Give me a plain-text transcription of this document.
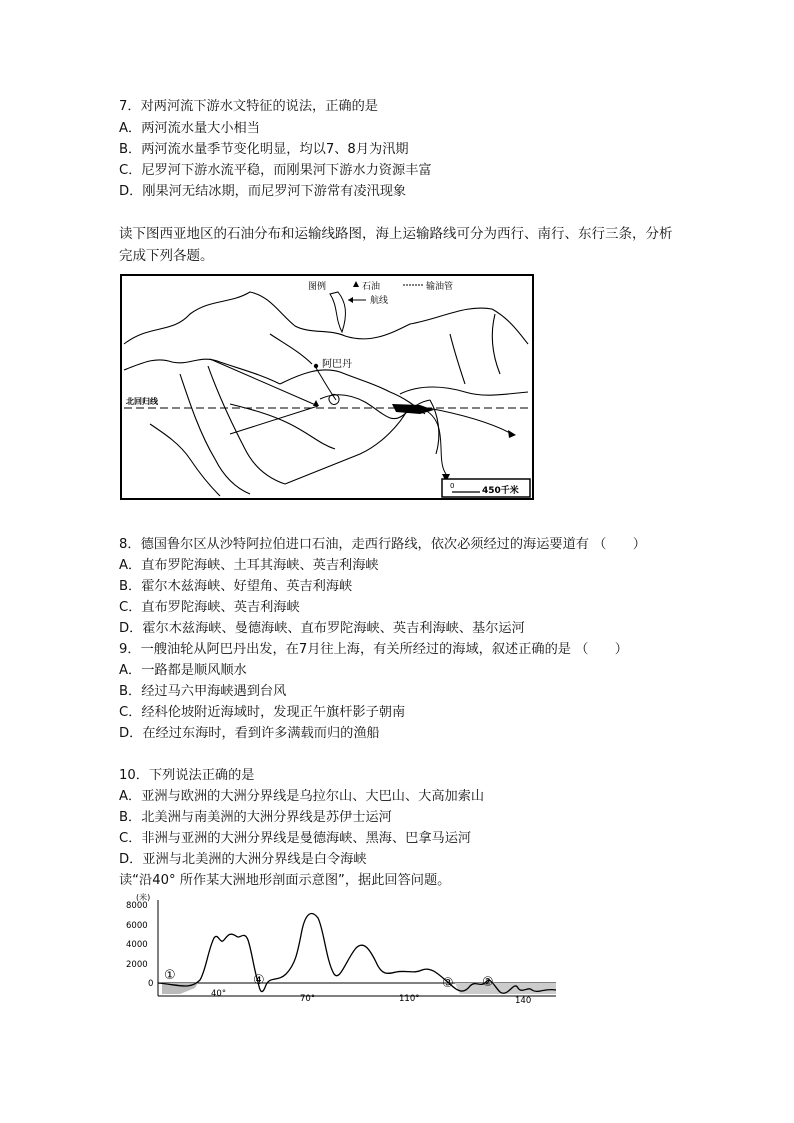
7．对两河流下游水文特征的说法，正确的是
A．两河流水量大小相当
B．两河流水量季节变化明显，均以7、8月为汛期
C．尼罗河下游水流平稳，而刚果河下游水力资源丰富
D．刚果河无结冰期，而尼罗河下游常有凌汛现象
读下图西亚地区的石油分布和运输线路图，海上运输路线可分为西行、南行、东行三条，分析完成下列各题。
图例	石油	输油管
航线
北回归线
阿巴丹
0	450千米
8．德国鲁尔区从沙特阿拉伯进口石油，走西行路线，依次必须经过的海运要道有 （　　）
A．直布罗陀海峡、土耳其海峡、英吉利海峡
B．霍尔木兹海峡、好望角、英吉利海峡
C．直布罗陀海峡、英吉利海峡
D．霍尔木兹海峡、曼德海峡、直布罗陀海峡、英吉利海峡、基尔运河
9．一艘油轮从阿巴丹出发，在7月往上海，有关所经过的海域，叙述正确的是 （　　）
A．一路都是顺风顺水
B．经过马六甲海峡遇到台风
C．经科伦坡附近海域时，发现正午旗杆影子朝南
D．在经过东海时，看到许多满载而归的渔船
10．下列说法正确的是
A．亚洲与欧洲的大洲分界线是乌拉尔山、大巴山、大高加索山
B．北美洲与南美洲的大洲分界线是苏伊士运河
C．非洲与亚洲的大洲分界线是曼德海峡、黑海、巴拿马运河
D．亚洲与北美洲的大洲分界线是白令海峡
读“沿40° 所作某大洲地形剖面示意图”，据此回答问题。
(米)
8000
6000
4000
2000
0
①	④	③ ②
40°	70°	110°	140
